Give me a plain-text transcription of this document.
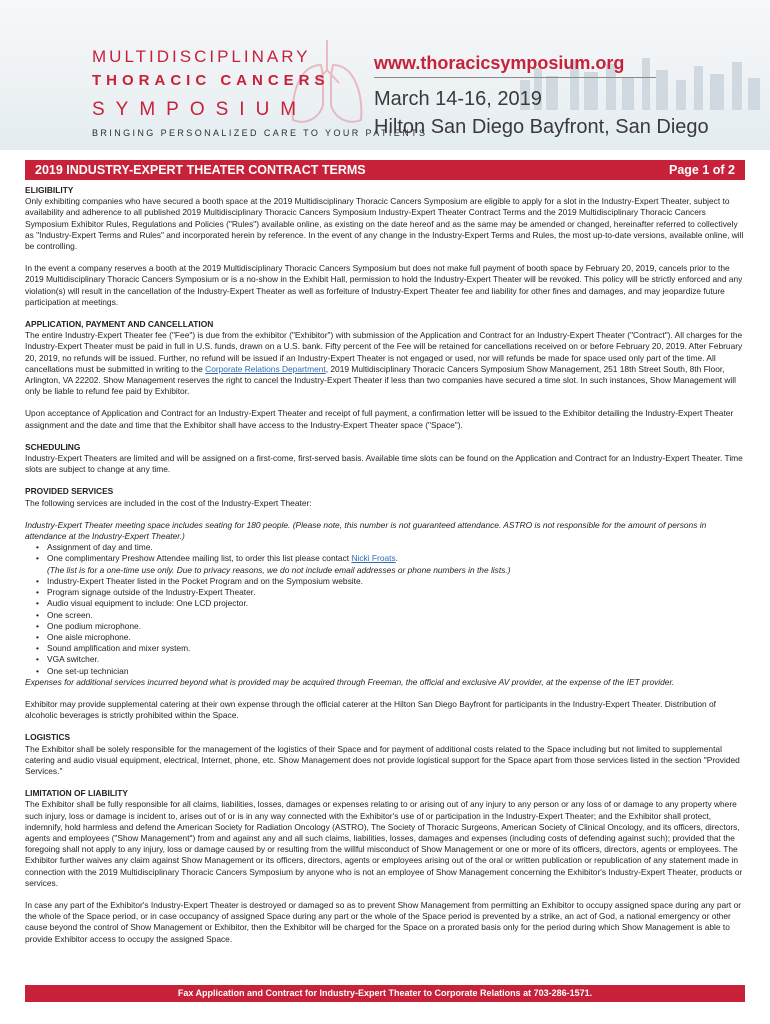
MULTIDISCIPLINARY
THORACIC CANCERS
SYMPOSIUM
BRINGING PERSONALIZED CARE TO YOUR PATIENTS
www.thoracicsymposium.org
March 14-16, 2019
Hilton San Diego Bayfront, San Diego
2019 INDUSTRY-EXPERT THEATER CONTRACT TERMS	Page 1 of 2

ELIGIBILITY

Only exhibiting companies who have secured a booth space at the 2019 Multidisciplinary Thoracic Cancers Symposium are eligible to apply for a slot in the Industry-Expert Theater, subject to availability and adherence to all published 2019 Multidisciplinary Thoracic Cancers Symposium Industry-Expert Theater Contract Terms and the 2019 Multidisciplinary Thoracic Cancers Symposium Exhibitor Rules, Regulations and Policies ("Rules") available online, as existing on the date hereof and as the same may be amended or changed, hereinafter referred to collectively as "Industry-Expert Terms and Rules" and incorporated herein by reference. In the event of any change in the Industry-Expert Terms and Rules, the most up-to-date versions, available online, will be controlling.

In the event a company reserves a booth at the 2019 Multidisciplinary Thoracic Cancers Symposium but does not make full payment of booth space by February 20, 2019, cancels prior to the 2019 Multidisciplinary Thoracic Cancers Symposium or is a no-show in the Exhibit Hall, permission to hold the Industry-Expert Theater will be revoked. This policy will be strictly enforced and any violation(s) will result in the cancellation of the Industry-Expert Theater as well as forfeiture of Industry-Expert Theater fee and liability for other fines and damages, and may jeopardize future participation at meetings.

APPLICATION, PAYMENT AND CANCELLATION

The entire Industry-Expert Theater fee ("Fee") is due from the exhibitor ("Exhibitor") with submission of the Application and Contract for an Industry-Expert Theater ("Contract"). All charges for the Industry-Expert Theater must be paid in full in U.S. funds, drawn on a U.S. bank. Fifty percent of the Fee will be retained for cancellations received on or before February 20, 2019. After February 20, 2019, no refunds will be issued. Further, no refund will be issued if an Industry-Expert Theater is not engaged or used, nor will refunds be made for space used only part of the time. All cancellations must be submitted in writing to the Corporate Relations Department, 2019 Multidisciplinary Thoracic Cancers Symposium Show Management, 251 18th Street South, 8th Floor, Arlington, VA 22202. Show Management reserves the right to cancel the Industry-Expert Theater if less than two companies have secured a time slot. In such instances, Show Management will only be liable to refund fee paid by Exhibitor.

Upon acceptance of Application and Contract for an Industry-Expert Theater and receipt of full payment, a confirmation letter will be issued to the Exhibitor detailing the Industry-Expert Theater assignment and the date and time that the Exhibitor shall have access to the Industry-Expert Theater space ("Space").

SCHEDULING

Industry-Expert Theaters are limited and will be assigned on a first-come, first-served basis. Available time slots can be found on the Application and Contract for an Industry-Expert Theater. Time slots are subject to change at any time.

PROVIDED SERVICES

The following services are included in the cost of the Industry-Expert Theater:

Industry-Expert Theater meeting space includes seating for 180 people. (Please note, this number is not guaranteed attendance. ASTRO is not responsible for the amount of persons in attendance at the Industry-Expert Theater.)

• Assignment of day and time.
• One complimentary Preshow Attendee mailing list, to order this list please contact Nicki Froats.
(The list is for a one-time use only. Due to privacy reasons, we do not include email addresses or phone numbers in the lists.)
• Industry-Expert Theater listed in the Pocket Program and on the Symposium website.
• Program signage outside of the Industry-Expert Theater.
• Audio visual equipment to include: One LCD projector.
• One screen.
• One podium microphone.
• One aisle microphone.
• Sound amplification and mixer system.
• VGA switcher.
• One set-up technician

Expenses for additional services incurred beyond what is provided may be acquired through Freeman, the official and exclusive AV provider, at the expense of the IET provider.

Exhibitor may provide supplemental catering at their own expense through the official caterer at the Hilton San Diego Bayfront for participants in the Industry-Expert Theater. Distribution of alcoholic beverages is strictly prohibited within the Space.

LOGISTICS

The Exhibitor shall be solely responsible for the management of the logistics of their Space and for payment of additional costs related to the Space including but not limited to supplemental catering and audio visual equipment, electrical, Internet, phone, etc. Show Management does not provide logistical support for the Space apart from those services listed in the section "Provided Services."

LIMITATION OF LIABILITY

The Exhibitor shall be fully responsible for all claims, liabilities, losses, damages or expenses relating to or arising out of any injury to any person or any loss of or damage to any property where such injury, loss or damage is incident to, arises out of or is in any way connected with the Exhibitor's use of or participation in the Industry-Expert Theater; and the Exhibitor shall protect, indemnify, hold harmless and defend the American Society for Radiation Oncology (ASTRO), The Society of Thoracic Surgeons, American Society of Clinical Oncology, and its officers, directors, agents and employees ("Show Management") from and against any and all such claims, liabilities, losses, damages and expenses (including costs of defending against such); provided that the foregoing shall not apply to any injury, loss or damage caused by or resulting from the willful misconduct of Show Management or one or more of its officers, directors, agents or employees. The Exhibitor further waives any claim against Show Management or its officers, directors, agents or employees arising out of the oral or written publication or republication of any statement made in connection with the 2019 Multidisciplinary Thoracic Cancers Symposium by anyone who is not an employee of Show Management concerning the Exhibitor's Industry-Expert Theater, products or services.

In case any part of the Exhibitor's Industry-Expert Theater is destroyed or damaged so as to prevent Show Management from permitting an Exhibitor to occupy assigned space during any part or the whole of the Space period, or in case occupancy of assigned Space during any part or the whole of the Space period is prevented by a strike, an act of God, a national emergency or other cause beyond the control of Show Management or Exhibitor, then the Exhibitor will be charged for the Space on a prorated basis only for the period during which Show Management is able to provide Exhibitor access to occupy the assigned Space.

Fax Application and Contract for Industry-Expert Theater to Corporate Relations at 703-286-1571.
